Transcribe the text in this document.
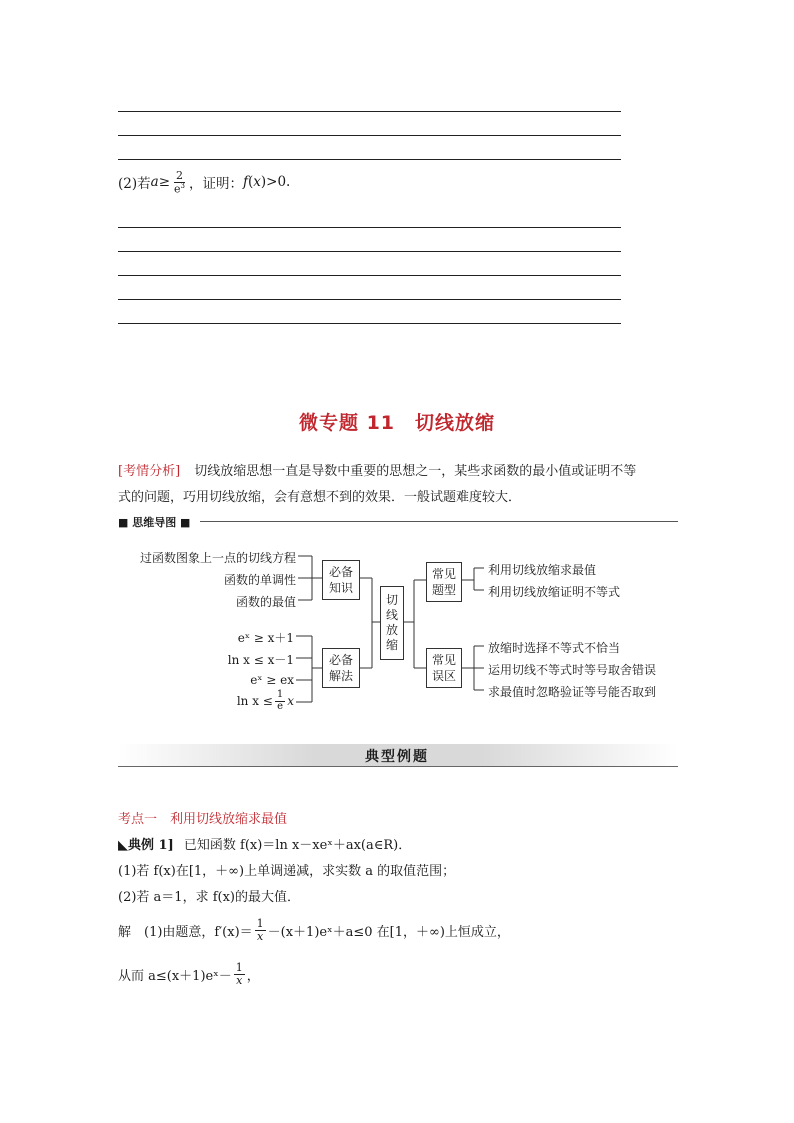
(2)若 $a \ge \frac{2}{e^3}$ ，证明： f ( x )>0.
微专题 11　切线放缩
[考情分析] 切线放缩思想一直是导数中重要的思想之一，某些求函数的最小值或证明不等
式的问题，巧用切线放缩，会有意想不到的效果．一般试题难度较大．
■ 思维导图 ■
过函数图象上一点的切线方程
函数的单调性
函数的最值
eˣ ≥ x＋1
ln x ≤ x－1
eˣ ≥ ex
$\ln x \le \frac{1}{e}$ x
必备
知识
必备
解法
切
线
放
缩
常见
题型
常见
误区
利用切线放缩求最值
利用切线放缩证明不等式
放缩时选择不等式不恰当
运用切线不等式时等号取舍错误
求最值时忽略验证等号能否取到
典型例题
考点一　利用切线放缩求最值
◣典例 1] 已知函数 f(x)＝ln x－xeˣ＋ax(a∈R)．
(1)若 f(x)在[1，＋∞)上单调递减，求实数 a 的取值范围；
(2)若 a＝1，求 f(x)的最大值．
解　(1)由题意，$f'(x)= \frac{1}{x}$ －(x＋1)eˣ＋a≤0 在[1，＋∞)上恒成立，
从而 a≤(x＋1)eˣ－ $\frac{1}{x}$ ，
